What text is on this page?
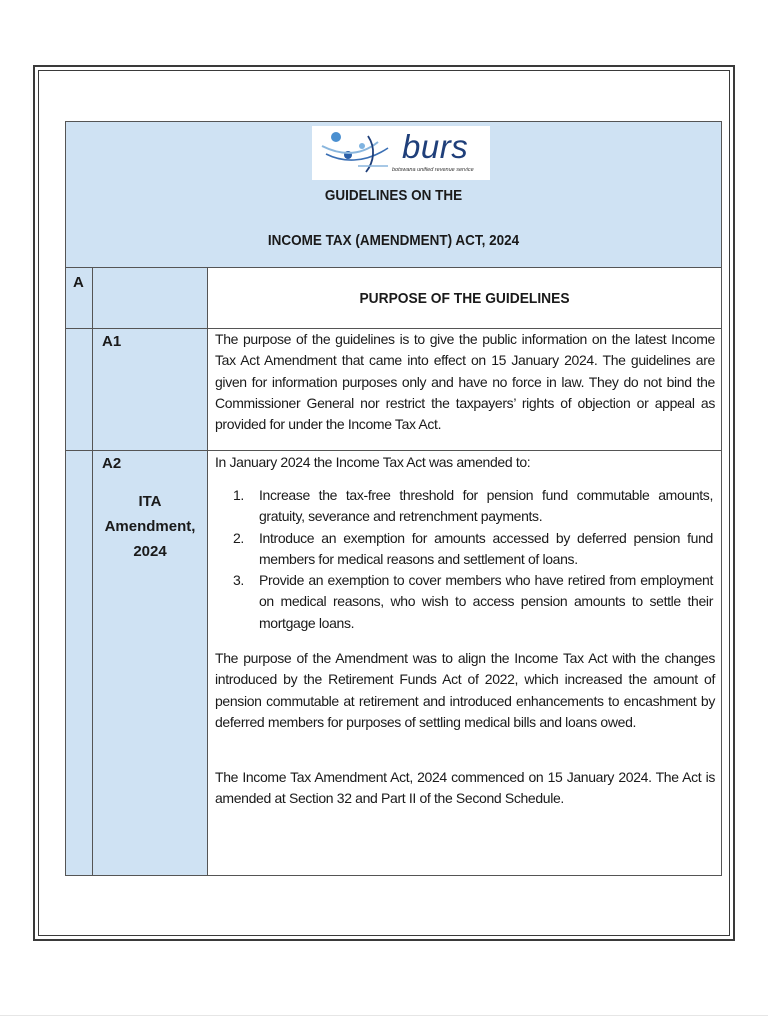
burs
botswana unified revenue service
GUIDELINES ON THE
INCOME TAX (AMENDMENT) ACT, 2024
A
PURPOSE OF THE GUIDELINES
A1	The purpose of the guidelines is to give the public information on the latest Income Tax Act Amendment that came into effect on 15 January 2024. The guidelines are given for information purposes only and have no force in law. They do not bind the Commissioner General nor restrict the taxpayers’ rights of objection or appeal as provided for under the Income Tax Act.
A2
ITA
Amendment,
2024
In January 2024 the Income Tax Act was amended to:
1. Increase the tax-free threshold for pension fund commutable amounts, gratuity, severance and retrenchment payments.
2. Introduce an exemption for amounts accessed by deferred pension fund members for medical reasons and settlement of loans.
3. Provide an exemption to cover members who have retired from employment on medical reasons, who wish to access pension amounts to settle their mortgage loans.
The purpose of the Amendment was to align the Income Tax Act with the changes introduced by the Retirement Funds Act of 2022, which increased the amount of pension commutable at retirement and introduced enhancements to encashment by deferred members for purposes of settling medical bills and loans owed.
The Income Tax Amendment Act, 2024 commenced on 15 January 2024. The Act is amended at Section 32 and Part II of the Second Schedule.
